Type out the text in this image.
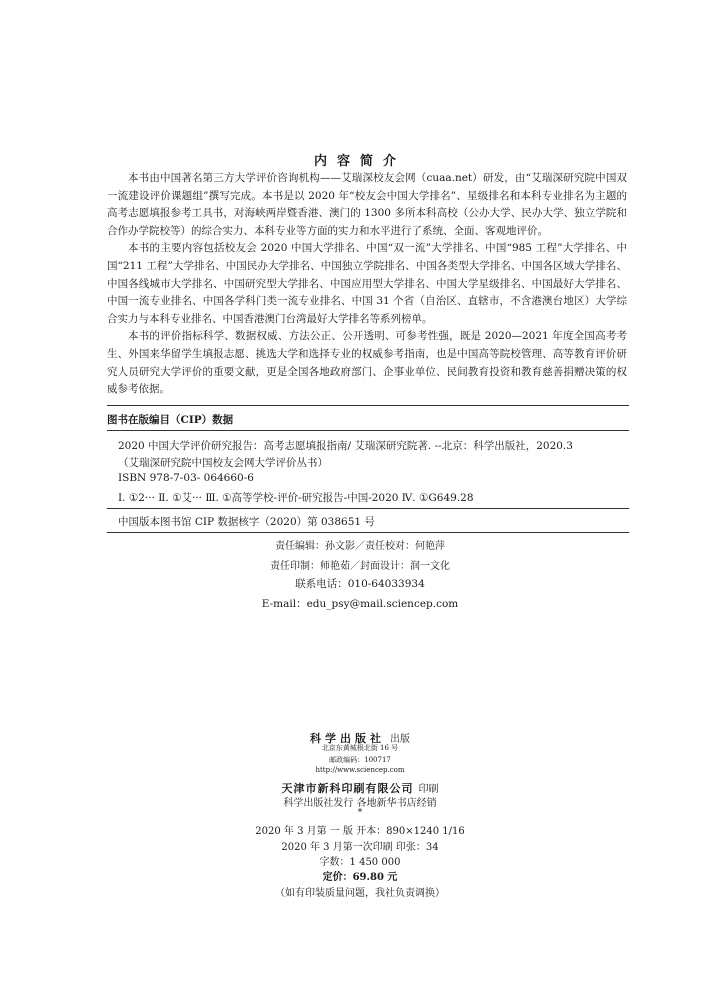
内容简介

本书由中国著名第三方大学评价咨询机构——艾瑞深校友会网（cuaa.net）研发，由“艾瑞深研究院中国双一流建设评价课题组”撰写完成。本书是以 2020 年“校友会中国大学排名”、星级排名和本科专业排名为主题的高考志愿填报参考工具书，对海峡两岸暨香港、澳门的 1300 多所本科高校（公办大学、民办大学、独立学院和合作办学院校等）的综合实力、本科专业等方面的实力和水平进行了系统、全面、客观地评价。

本书的主要内容包括校友会 2020 中国大学排名、中国“双一流”大学排名、中国“985 工程”大学排名、中国“211 工程”大学排名、中国民办大学排名、中国独立学院排名、中国各类型大学排名、中国各区域大学排名、中国各线城市大学排名、中国研究型大学排名、中国应用型大学排名、中国大学星级排名、中国最好大学排名、中国一流专业排名、中国各学科门类一流专业排名、中国 31 个省（自治区、直辖市，不含港澳台地区）大学综合实力与本科专业排名、中国香港澳门台湾最好大学排名等系列榜单。

本书的评价指标科学、数据权威、方法公正、公开透明、可参考性强，既是 2020—2021 年度全国高考考生、外国来华留学生填报志愿、挑选大学和选择专业的权威参考指南，也是中国高等院校管理、高等教育评价研究人员研究大学评价的重要文献，更是全国各地政府部门、企事业单位、民间教育投资和教育慈善捐赠决策的权威参考依据。

图书在版编目（CIP）数据
2020 中国大学评价研究报告：高考志愿填报指南/ 艾瑞深研究院著. --北京：科学出版社，2020.3
（艾瑞深研究院中国校友会网大学评价丛书）
ISBN 978-7-03- 064660-6
Ⅰ. ①2··· Ⅱ. ①艾··· Ⅲ. ①高等学校-评价-研究报告-中国-2020 Ⅳ. ①G649.28
中国版本图书馆 CIP 数据核字（2020）第 038651 号
责任编辑：孙文影／责任校对：何艳萍
责任印制：师艳茹／封面设计：润一文化
联系电话：010-64033934
E-mail：edu_psy@mail.sciencep.com
科学出版社 出版
北京东黄城根北街 16 号
邮政编码：100717
http://www.sciencep.com
天津市新科印刷有限公司 印刷
科学出版社发行 各地新华书店经销
*
2020 年 3 月第 一 版 开本：890×1240 1/16
2020 年 3 月第一次印刷 印张：34
字数：1 450 000
定价：69.80 元
（如有印装质量问题，我社负责调换）
